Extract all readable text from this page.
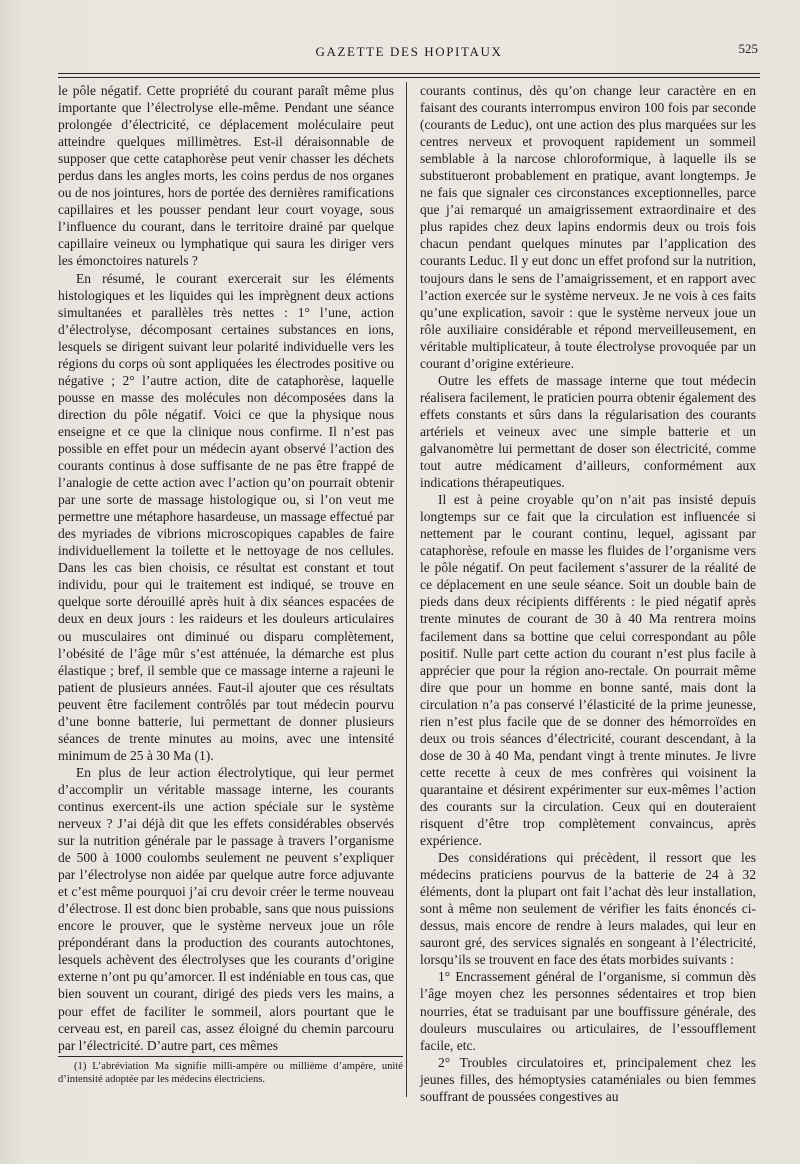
GAZETTE DES HOPITAUX	525

le pôle négatif. Cette propriété du courant paraît même plus importante que l’électrolyse elle-même. Pendant une séance prolongée d’électricité, ce déplacement moléculaire peut atteindre quelques millimètres. Est-il déraisonnable de supposer que cette cataphorèse peut venir chasser les déchets perdus dans les angles morts, les coins perdus de nos organes ou de nos jointures, hors de portée des dernières ramifications capillaires et les pousser pendant leur court voyage, sous l’influence du courant, dans le territoire drainé par quelque capillaire veineux ou lymphatique qui saura les diriger vers les émonctoires naturels ?

En résumé, le courant exercerait sur les éléments histologiques et les liquides qui les imprègnent deux actions simultanées et parallèles très nettes : 1° l’une, action d’électrolyse, décomposant certaines substances en ions, lesquels se dirigent suivant leur polarité individuelle vers les régions du corps où sont appliquées les électrodes positive ou négative ; 2° l’autre action, dite de cataphorèse, laquelle pousse en masse des molécules non décomposées dans la direction du pôle négatif. Voici ce que la physique nous enseigne et ce que la clinique nous confirme. Il n’est pas possible en effet pour un médecin ayant observé l’action des courants continus à dose suffisante de ne pas être frappé de l’analogie de cette action avec l’action qu’on pourrait obtenir par une sorte de massage histologique ou, si l’on veut me permettre une métaphore hasardeuse, un massage effectué par des myriades de vibrions microscopiques capables de faire individuellement la toilette et le nettoyage de nos cellules. Dans les cas bien choisis, ce résultat est constant et tout individu, pour qui le traitement est indiqué, se trouve en quelque sorte dérouillé après huit à dix séances espacées de deux en deux jours : les raideurs et les douleurs articulaires ou musculaires ont diminué ou disparu complètement, l’obésité de l’âge mûr s’est atténuée, la démarche est plus élastique ; bref, il semble que ce massage interne a rajeuni le patient de plusieurs années. Faut-il ajouter que ces résultats peuvent être facilement contrôlés par tout médecin pourvu d’une bonne batterie, lui permettant de donner plusieurs séances de trente minutes au moins, avec une intensité minimum de 25 à 30 Ma (1).

En plus de leur action électrolytique, qui leur permet d’accomplir un véritable massage interne, les courants continus exercent-ils une action spéciale sur le système nerveux ? J’ai déjà dit que les effets considérables observés sur la nutrition générale par le passage à travers l’organisme de 500 à 1000 coulombs seulement ne peuvent s’expliquer par l’électrolyse non aidée par quelque autre force adjuvante et c’est même pourquoi j’ai cru devoir créer le terme nouveau d’électrose. Il est donc bien probable, sans que nous puissions encore le prouver, que le système nerveux joue un rôle prépondérant dans la production des courants autochtones, lesquels achèvent des électrolyses que les courants d’origine externe n’ont pu qu’amorcer. Il est indéniable en tous cas, que bien souvent un courant, dirigé des pieds vers les mains, a pour effet de faciliter le sommeil, alors pourtant que le cerveau est, en pareil cas, assez éloigné du chemin parcouru par l’électricité. D’autre part, ces mêmes

courants continus, dès qu’on change leur caractère en en faisant des courants interrompus environ 100 fois par seconde (courants de Leduc), ont une action des plus marquées sur les centres nerveux et provoquent rapidement un sommeil semblable à la narcose chloroformique, à laquelle ils se substitueront probablement en pratique, avant longtemps. Je ne fais que signaler ces circonstances exceptionnelles, parce que j’ai remarqué un amaigrissement extraordinaire et des plus rapides chez deux lapins endormis deux ou trois fois chacun pendant quelques minutes par l’application des courants Leduc. Il y eut donc un effet profond sur la nutrition, toujours dans le sens de l’amaigrissement, et en rapport avec l’action exercée sur le système nerveux. Je ne vois à ces faits qu’une explication, savoir : que le système nerveux joue un rôle auxiliaire considérable et répond merveilleusement, en véritable multiplicateur, à toute électrolyse provoquée par un courant d’origine extérieure.

Outre les effets de massage interne que tout médecin réalisera facilement, le praticien pourra obtenir également des effets constants et sûrs dans la régularisation des courants artériels et veineux avec une simple batterie et un galvanomètre lui permettant de doser son électricité, comme tout autre médicament d’ailleurs, conformément aux indications thérapeutiques.

Il est à peine croyable qu’on n’ait pas insisté depuis longtemps sur ce fait que la circulation est influencée si nettement par le courant continu, lequel, agissant par cataphorèse, refoule en masse les fluides de l’organisme vers le pôle négatif. On peut facilement s’assurer de la réalité de ce déplacement en une seule séance. Soit un double bain de pieds dans deux récipients différents : le pied négatif après trente minutes de courant de 30 à 40 Ma rentrera moins facilement dans sa bottine que celui correspondant au pôle positif. Nulle part cette action du courant n’est plus facile à apprécier que pour la région ano-rectale. On pourrait même dire que pour un homme en bonne santé, mais dont la circulation n’a pas conservé l’élasticité de la prime jeunesse, rien n’est plus facile que de se donner des hémorroïdes en deux ou trois séances d’électricité, courant descendant, à la dose de 30 à 40 Ma, pendant vingt à trente minutes. Je livre cette recette à ceux de mes confrères qui voisinent la quarantaine et désirent expérimenter sur eux-mêmes l’action des courants sur la circulation. Ceux qui en douteraient risquent d’être trop complètement convaincus, après expérience.

Des considérations qui précèdent, il ressort que les médecins praticiens pourvus de la batterie de 24 à 32 éléments, dont la plupart ont fait l’achat dès leur installation, sont à même non seulement de vérifier les faits énoncés ci-dessus, mais encore de rendre à leurs malades, qui leur en sauront gré, des services signalés en songeant à l’électricité, lorsqu’ils se trouvent en face des états morbides suivants :

1° Encrassement général de l’organisme, si commun dès l’âge moyen chez les personnes sédentaires et trop bien nourries, état se traduisant par une bouffissure générale, des douleurs musculaires ou articulaires, de l’essoufflement facile, etc.

2° Troubles circulatoires et, principalement chez les jeunes filles, des hémoptysies cataméniales ou bien femmes souffrant de poussées congestives au

(1) L’abréviation Ma signifie milli-ampère ou millième d’ampère, unité d’intensité adoptée par les médecins électriciens.
